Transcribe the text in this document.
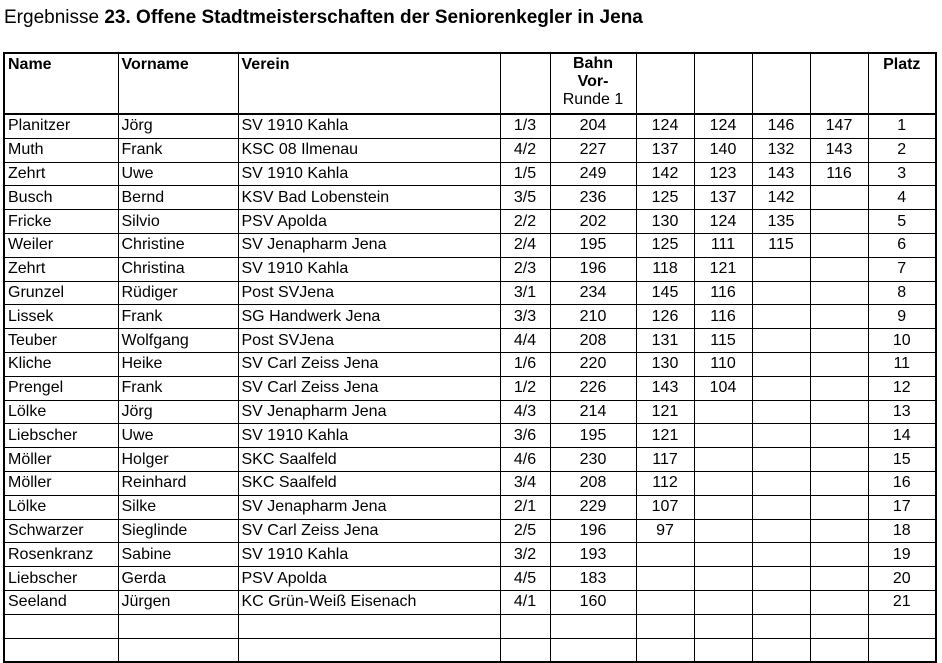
Ergebnisse 23. Offene Stadtmeisterschaften der Seniorenkegler in Jena
Name	Vorname	Verein		Bahn
Vor-
Runde 1					Platz
Planitzer	Jörg	SV 1910 Kahla	1/3	204	124	124	146	147	1
Muth	Frank	KSC 08 Ilmenau	4/2	227	137	140	132	143	2
Zehrt	Uwe	SV 1910 Kahla	1/5	249	142	123	143	116	3
Busch	Bernd	KSV Bad Lobenstein	3/5	236	125	137	142		4
Fricke	Silvio	PSV Apolda	2/2	202	130	124	135		5
Weiler	Christine	SV Jenapharm Jena	2/4	195	125	111	115		6
Zehrt	Christina	SV 1910 Kahla	2/3	196	118	121			7
Grunzel	Rüdiger	Post SVJena	3/1	234	145	116			8
Lissek	Frank	SG Handwerk Jena	3/3	210	126	116			9
Teuber	Wolfgang	Post SVJena	4/4	208	131	115			10
Kliche	Heike	SV Carl Zeiss Jena	1/6	220	130	110			11
Prengel	Frank	SV Carl Zeiss Jena	1/2	226	143	104			12
Lölke	Jörg	SV Jenapharm Jena	4/3	214	121				13
Liebscher	Uwe	SV 1910 Kahla	3/6	195	121				14
Möller	Holger	SKC Saalfeld	4/6	230	117				15
Möller	Reinhard	SKC Saalfeld	3/4	208	112				16
Lölke	Silke	SV Jenapharm Jena	2/1	229	107				17
Schwarzer	Sieglinde	SV Carl Zeiss Jena	2/5	196	97				18
Rosenkranz	Sabine	SV 1910 Kahla	3/2	193					19
Liebscher	Gerda	PSV Apolda	4/5	183					20
Seeland	Jürgen	KC Grün-Weiß Eisenach	4/1	160					21
